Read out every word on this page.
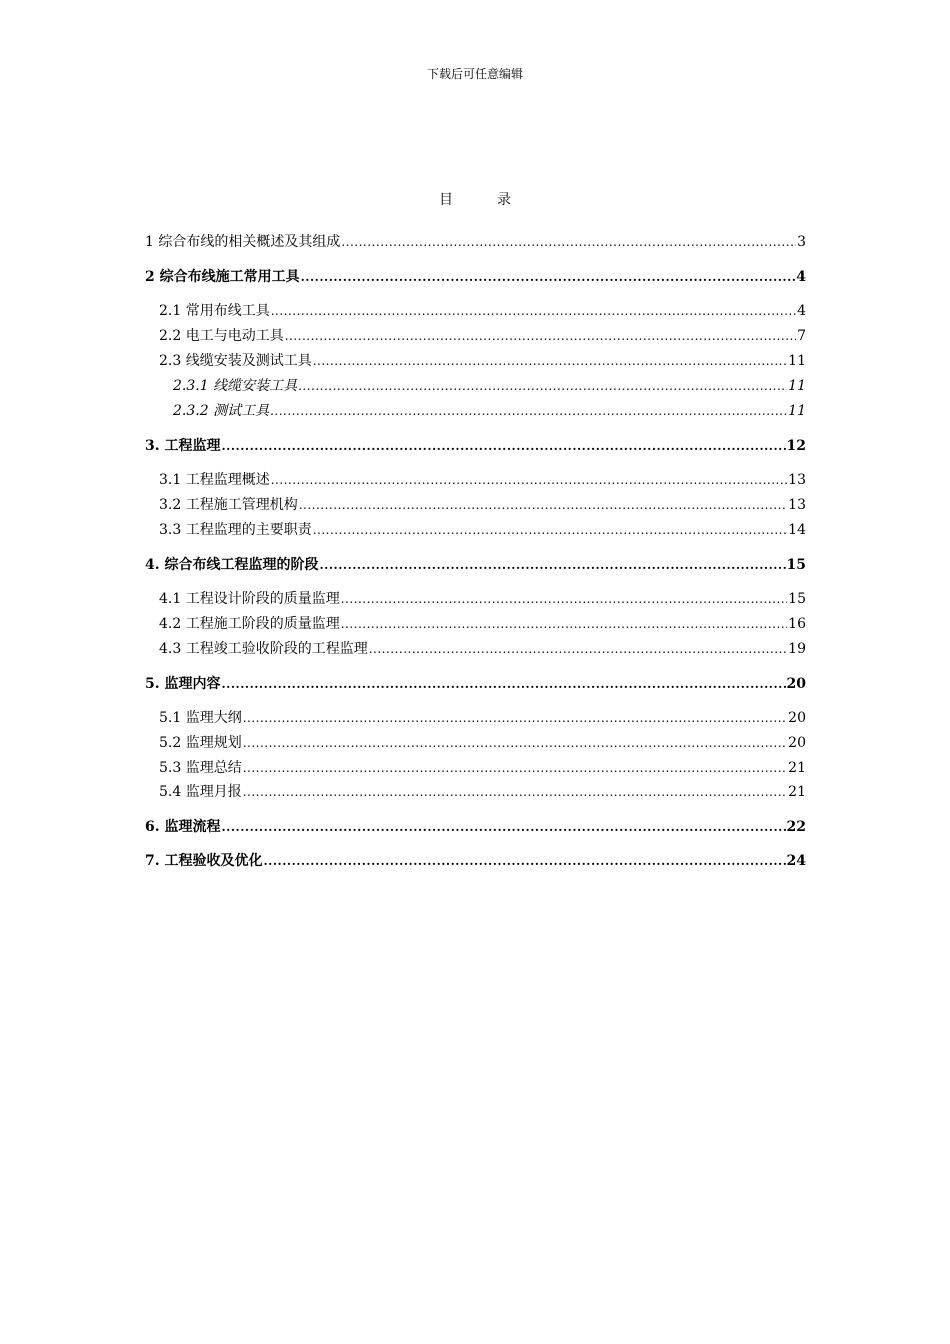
下载后可任意编辑
目	录
1 综合布线的相关概述及其组成 .....	3
2 综合布线施工常用工具 .....	4
2.1 常用布线工具 .....	4
2.2 电工与电动工具 .....	7
2.3 线缆安装及测试工具 .....	11
2.3.1 线缆安装工具 .....	11
2.3.2 测试工具 .....	11
3. 工程监理 .....	12
3.1 工程监理概述 .....	13
3.2 工程施工管理机构 .....	13
3.3 工程监理的主要职责 .....	14
4. 综合布线工程监理的阶段 .....	15
4.1 工程设计阶段的质量监理 .....	15
4.2 工程施工阶段的质量监理 .....	16
4.3 工程竣工验收阶段的工程监理 .....	19
5. 监理内容 .....	20
5.1 监理大纲 .....	20
5.2 监理规划 .....	20
5.3 监理总结 .....	21
5.4 监理月报 .....	21
6. 监理流程 .....	22
7. 工程验收及优化 .....	24
